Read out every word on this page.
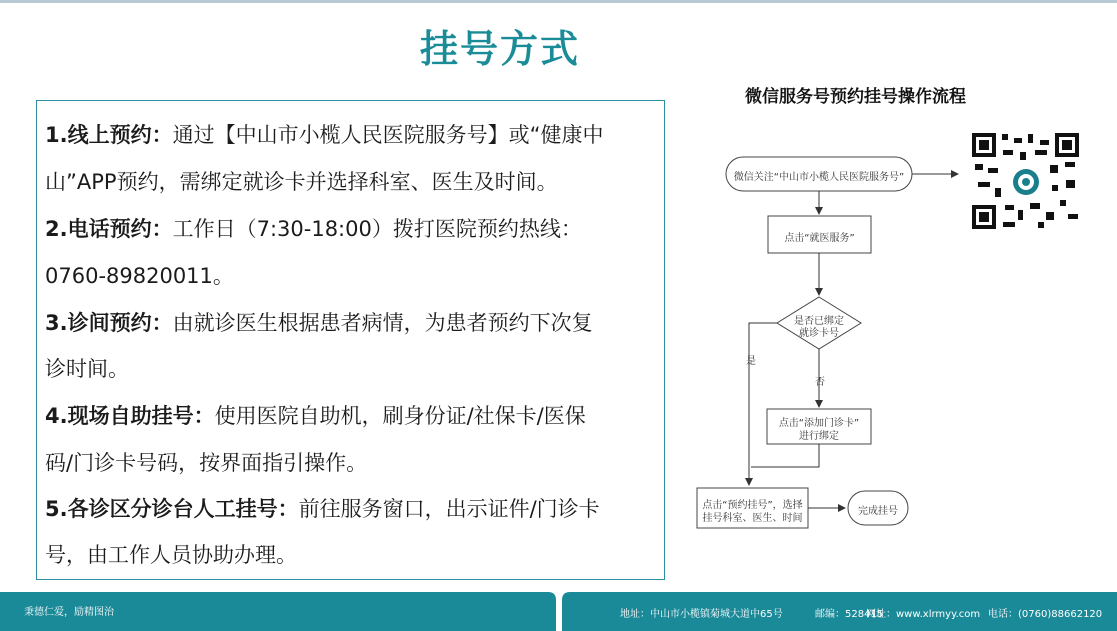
挂号方式
1.线上预约：通过【中山市小榄人民医院服务号】或“健康中
山”APP预约，需绑定就诊卡并选择科室、医生及时间。
2.电话预约：工作日（7:30-18:00）拨打医院预约热线：
0760-89820011。
3.诊间预约：由就诊医生根据患者病情，为患者预约下次复
诊时间。
4.现场自助挂号：使用医院自助机，刷身份证/社保卡/医保
码/门诊卡号码，按界面指引操作。
5.各诊区分诊台人工挂号：前往服务窗口，出示证件/门诊卡
号，由工作人员协助办理。
微信服务号预约挂号操作流程
微信关注“中山市小榄人民医院服务号”
点击“就医服务”
是否已绑定
就诊卡号
是
否
点击“添加门诊卡”
进行绑定
点击“预约挂号”，选择
挂号科室、医生、时间
完成挂号
秉德仁爱，励精图治	地址：中山市小榄镇菊城大道中65号	邮编：528415
网址：www.xlrmyy.com 电话：(0760)88662120
